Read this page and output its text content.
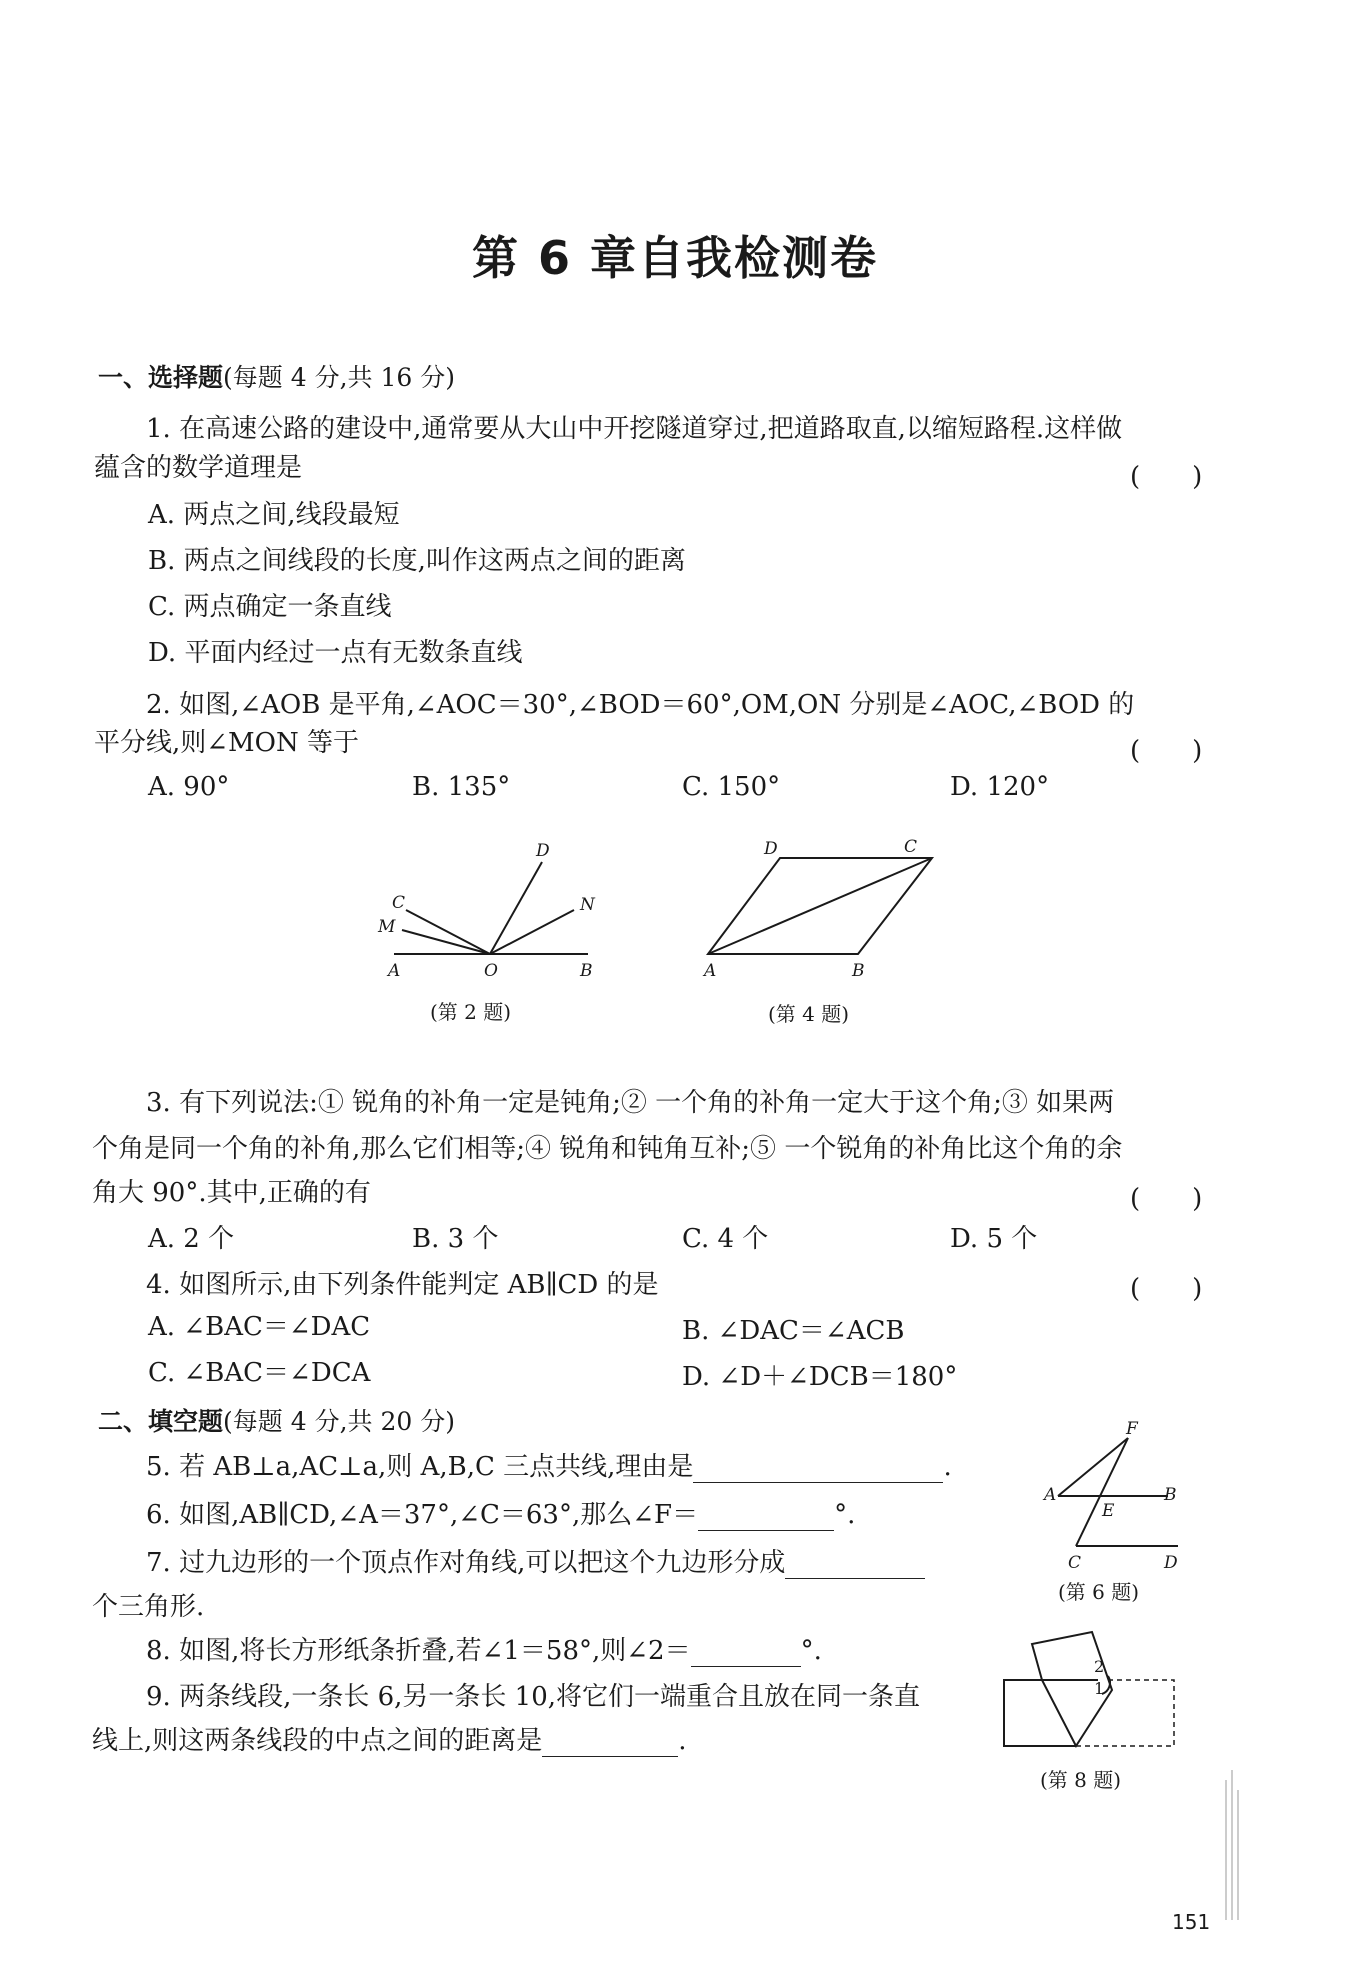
第 6 章自我检测卷
一、选择题(每题 4 分,共 16 分)
1. 在高速公路的建设中,通常要从大山中开挖隧道穿过,把道路取直,以缩短路程.这样做
蕴含的数学道理是	(　　)
A. 两点之间,线段最短
B. 两点之间线段的长度,叫作这两点之间的距离
C. 两点确定一条直线
D. 平面内经过一点有无数条直线
2. 如图,∠AOB 是平角,∠AOC＝30°,∠BOD＝60°,OM,ON 分别是∠AOC,∠BOD 的
平分线,则∠MON 等于	(　　)
A. 90°	B. 135°	C. 150°	D. 120°
D
C
M
N
A	O	B
(第 2 题)
D	C
A	B
(第 4 题)
3. 有下列说法:① 锐角的补角一定是钝角;② 一个角的补角一定大于这个角;③ 如果两
个角是同一个角的补角,那么它们相等;④ 锐角和钝角互补;⑤ 一个锐角的补角比这个角的余
角大 90°.其中,正确的有	(　　)
A. 2 个	B. 3 个	C. 4 个	D. 5 个
4. 如图所示,由下列条件能判定 AB∥CD 的是	(　　)
A. ∠BAC＝∠DAC	B. ∠DAC＝∠ACB
C. ∠BAC＝∠DCA	D. ∠D＋∠DCB＝180°
二、填空题(每题 4 分,共 20 分)
5. 若 AB⊥a,AC⊥a,则 A,B,C 三点共线,理由是	.
6. 如图,AB∥CD,∠A＝37°,∠C＝63°,那么∠F＝	°.
7. 过九边形的一个顶点作对角线,可以把这个九边形分成
个三角形.
8. 如图,将长方形纸条折叠,若∠1＝58°,则∠2＝	°.
9. 两条线段,一条长 6,另一条长 10,将它们一端重合且放在同一条直
线上,则这两条线段的中点之间的距离是	.
F
A	B
E
C	D
(第 6 题)
2
1
(第 8 题)
151
